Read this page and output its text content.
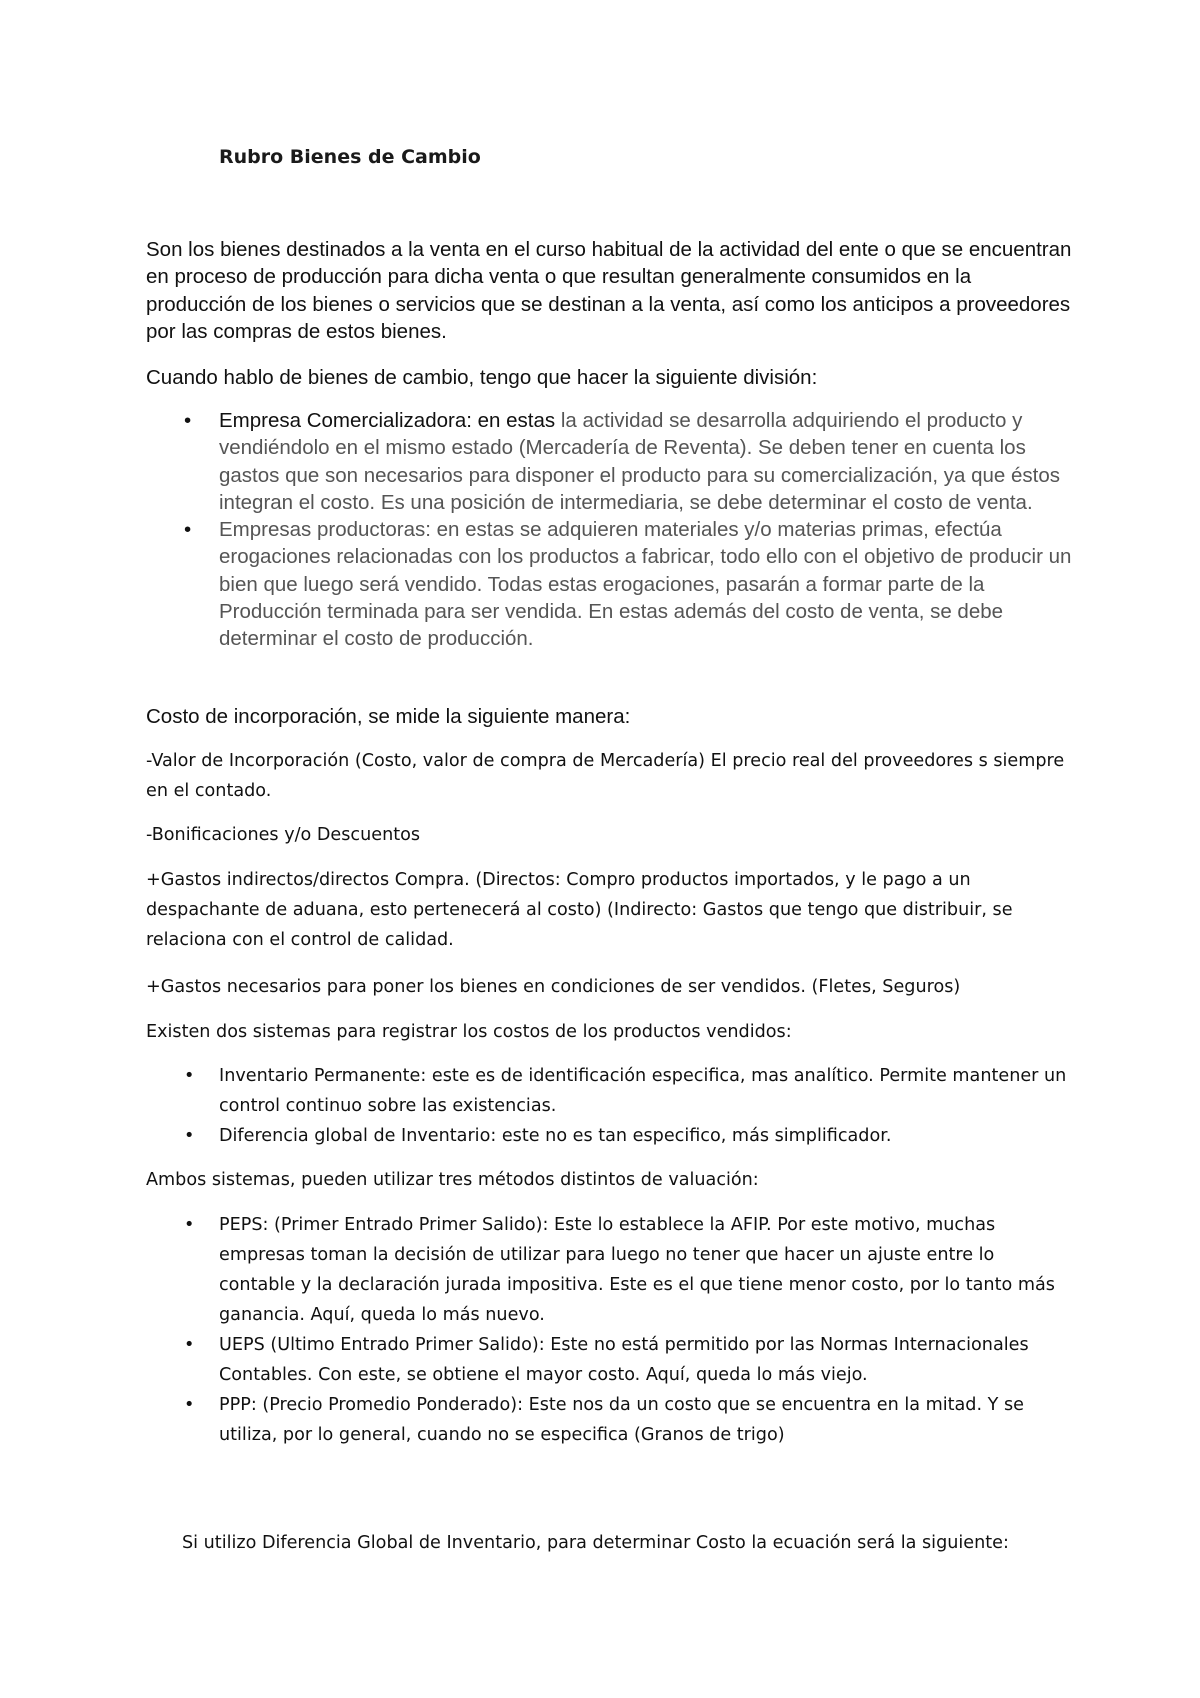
Rubro Bienes de Cambio

Son los bienes destinados a la venta en el curso habitual de la actividad del ente o que se encuentran en proceso de producción para dicha venta o que resultan generalmente consumidos en la producción de los bienes o servicios que se destinan a la venta, así como los anticipos a proveedores por las compras de estos bienes.

Cuando hablo de bienes de cambio, tengo que hacer la siguiente división:

• Empresa Comercializadora: en estas la actividad se desarrolla adquiriendo el producto y vendiéndolo en el mismo estado (Mercadería de Reventa). Se deben tener en cuenta los gastos que son necesarios para disponer el producto para su comercialización, ya que éstos integran el costo. Es una posición de intermediaria, se debe determinar el costo de venta.
• Empresas productoras: en estas se adquieren materiales y/o materias primas, efectúa erogaciones relacionadas con los productos a fabricar, todo ello con el objetivo de producir un bien que luego será vendido. Todas estas erogaciones, pasarán a formar parte de la Producción terminada para ser vendida. En estas además del costo de venta, se debe determinar el costo de producción.

Costo de incorporación, se mide la siguiente manera:

-Valor de Incorporación (Costo, valor de compra de Mercadería) El precio real del proveedores s siempre en el contado.

-Bonificaciones y/o Descuentos

+Gastos indirectos/directos Compra. (Directos: Compro productos importados, y le pago a un despachante de aduana, esto pertenecerá al costo) (Indirecto: Gastos que tengo que distribuir, se relaciona con el control de calidad.

+Gastos necesarios para poner los bienes en condiciones de ser vendidos. (Fletes, Seguros)

Existen dos sistemas para registrar los costos de los productos vendidos:

• Inventario Permanente: este es de identificación especifica, mas analítico. Permite mantener un control continuo sobre las existencias.
• Diferencia global de Inventario: este no es tan especifico, más simplificador.

Ambos sistemas, pueden utilizar tres métodos distintos de valuación:

• PEPS: (Primer Entrado Primer Salido): Este lo establece la AFIP. Por este motivo, muchas empresas toman la decisión de utilizar para luego no tener que hacer un ajuste entre lo contable y la declaración jurada impositiva. Este es el que tiene menor costo, por lo tanto más ganancia. Aquí, queda lo más nuevo.
• UEPS (Ultimo Entrado Primer Salido): Este no está permitido por las Normas Internacionales Contables. Con este, se obtiene el mayor costo. Aquí, queda lo más viejo.
• PPP: (Precio Promedio Ponderado): Este nos da un costo que se encuentra en la mitad. Y se utiliza, por lo general, cuando no se especifica (Granos de trigo)

Si utilizo Diferencia Global de Inventario, para determinar Costo la ecuación será la siguiente:
